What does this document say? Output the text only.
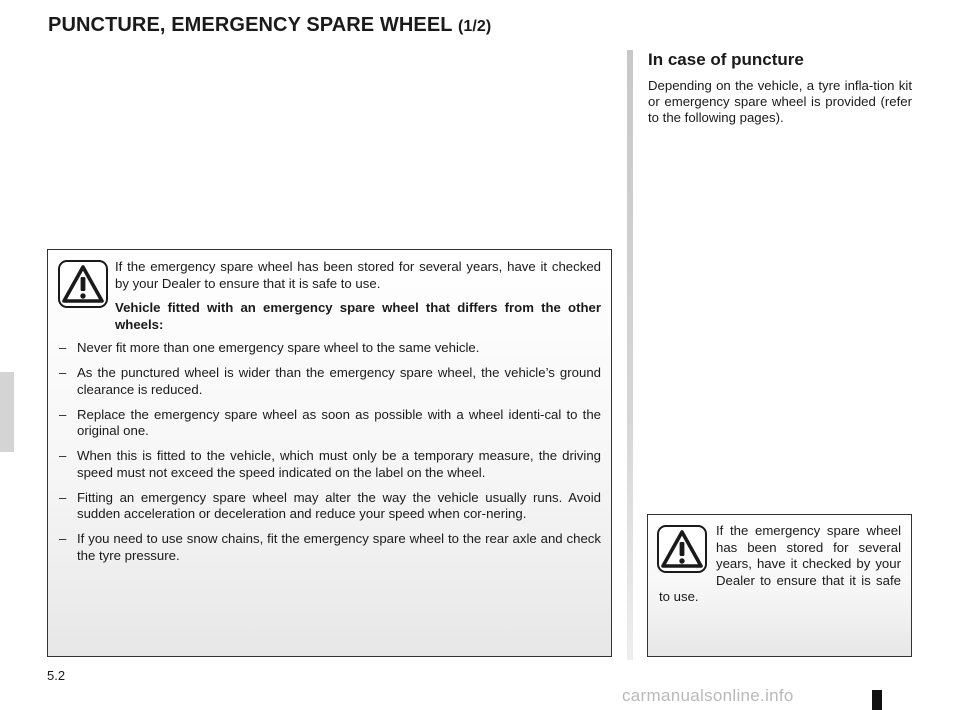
PUNCTURE, EMERGENCY SPARE WHEEL (1/2)
In case of puncture

Depending on the vehicle, a tyre infla-tion kit or emergency spare wheel is provided (refer to the following pages).

If the emergency spare wheel has been stored for several years, have it checked by your Dealer to ensure that it is safe to use.

Vehicle fitted with an emergency spare wheel that differs from the other wheels:

– Never fit more than one emergency spare wheel to the same vehicle.
– As the punctured wheel is wider than the emergency spare wheel, the vehicle’s ground clearance is reduced.
– Replace the emergency spare wheel as soon as possible with a wheel identi-cal to the original one.
– When this is fitted to the vehicle, which must only be a temporary measure, the driving speed must not exceed the speed indicated on the label on the wheel.
– Fitting an emergency spare wheel may alter the way the vehicle usually runs. Avoid sudden acceleration or deceleration and reduce your speed when cor-nering.
– If you need to use snow chains, fit the emergency spare wheel to the rear axle and check the tyre pressure.
If the emergency spare wheel has been stored for several years, have it checked by your Dealer to ensure that it is safe to use.
5.2
carmanualsonline.info
